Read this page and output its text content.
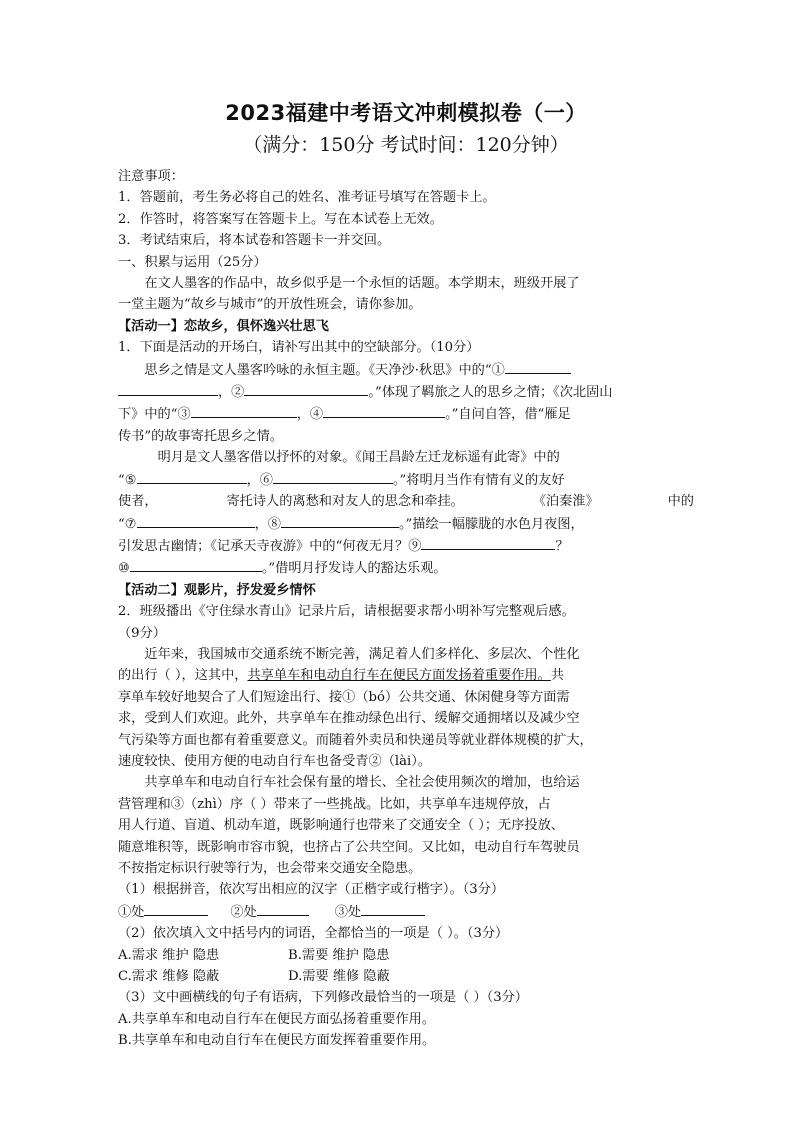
2023福建中考语文冲刺模拟卷（一）

（满分：150分 考试时间：120分钟）

注意事项：

1．答题前，考生务必将自己的姓名、准考证号填写在答题卡上。

2．作答时，将答案写在答题卡上。写在本试卷上无效。

3．考试结束后，将本试卷和答题卡一并交回。

一、积累与运用（25分）

在文人墨客的作品中，故乡似乎是一个永恒的话题。本学期末，班级开展了

一堂主题为“故乡与城市”的开放性班会，请你参加。

【活动一】恋故乡，俱怀逸兴壮思飞

1．下面是活动的开场白，请补写出其中的空缺部分。（10分）

思乡之情是文人墨客吟咏的永恒主题。《天净沙·秋思》中的“①

，②	。”体现了羁旅之人的思乡之情；《次北固山

下》中的“③	，④	。”自问自答，借“雁足

传书”的故事寄托思乡之情。

明月是文人墨客借以抒怀的对象。《闻王昌龄左迁龙标遥有此寄》中的

“⑤	，⑥	。”将明月当作有情有义的友好

使者，	寄托诗人的离愁和对友人的思念和牵挂。	《泊秦淮》	中的

“⑦	，⑧	。”描绘一幅朦胧的水色月夜图，

引发思古幽情；《记承天寺夜游》中的“何夜无月？⑨	？

⑩	。”借明月抒发诗人的豁达乐观。

【活动二】观影片，抒发爱乡情怀

2．班级播出《守住绿水青山》记录片后，请根据要求帮小明补写完整观后感。

（9分）

近年来，我国城市交通系统不断完善，满足着人们多样化、多层次、个性化

的出行（ ），这其中，共享单车和电动自行车在便民方面发扬着重要作用。共

享单车较好地契合了人们短途出行、接①（bó）公共交通、休闲健身等方面需

求，受到人们欢迎。此外，共享单车在推动绿色出行、缓解交通拥堵以及减少空

气污染等方面也都有着重要意义。而随着外卖员和快递员等就业群体规模的扩大，

速度较快、使用方便的电动自行车也备受青②（lài）。

共享单车和电动自行车社会保有量的增长、全社会使用频次的增加，也给运

营管理和③（zhì）序（ ）带来了一些挑战。比如，共享单车违规停放，占

用人行道、盲道、机动车道，既影响通行也带来了交通安全（ ）；无序投放、

随意堆积等，既影响市容市貌，也挤占了公共空间。又比如，电动自行车驾驶员

不按指定标识行驶等行为，也会带来交通安全隐患。

（1）根据拼音，依次写出相应的汉字（正楷字或行楷字）。（3分）

①处	②处	③处

（2）依次填入文中括号内的词语，全都恰当的一项是（ ）。（3分）

A.需求 维护 隐患	B.需要 维护 隐患

C.需求 维修 隐蔽	D.需要 维修 隐蔽

（3）文中画横线的句子有语病，下列修改最恰当的一项是（ ）（3分）

A.共享单车和电动自行车在便民方面弘扬着重要作用。

B.共享单车和电动自行车在便民方面发挥着重要作用。
